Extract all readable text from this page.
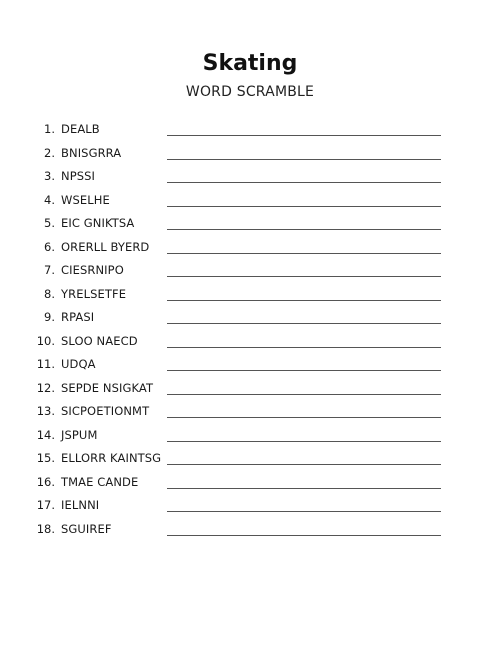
Skating
WORD SCRAMBLE
1. DEALB
2. BNISGRRA
3. NPSSI
4. WSELHE
5. EIC GNIKTSA
6. ORERLL BYERD
7. CIESRNIPO
8. YRELSETFE
9. RPASI
10. SLOO NAECD
11. UDQA
12. SEPDE NSIGKAT
13. SICPOETIONMT
14. JSPUM
15. ELLORR KAINTSG
16. TMAE CANDE
17. IELNNI
18. SGUIREF
